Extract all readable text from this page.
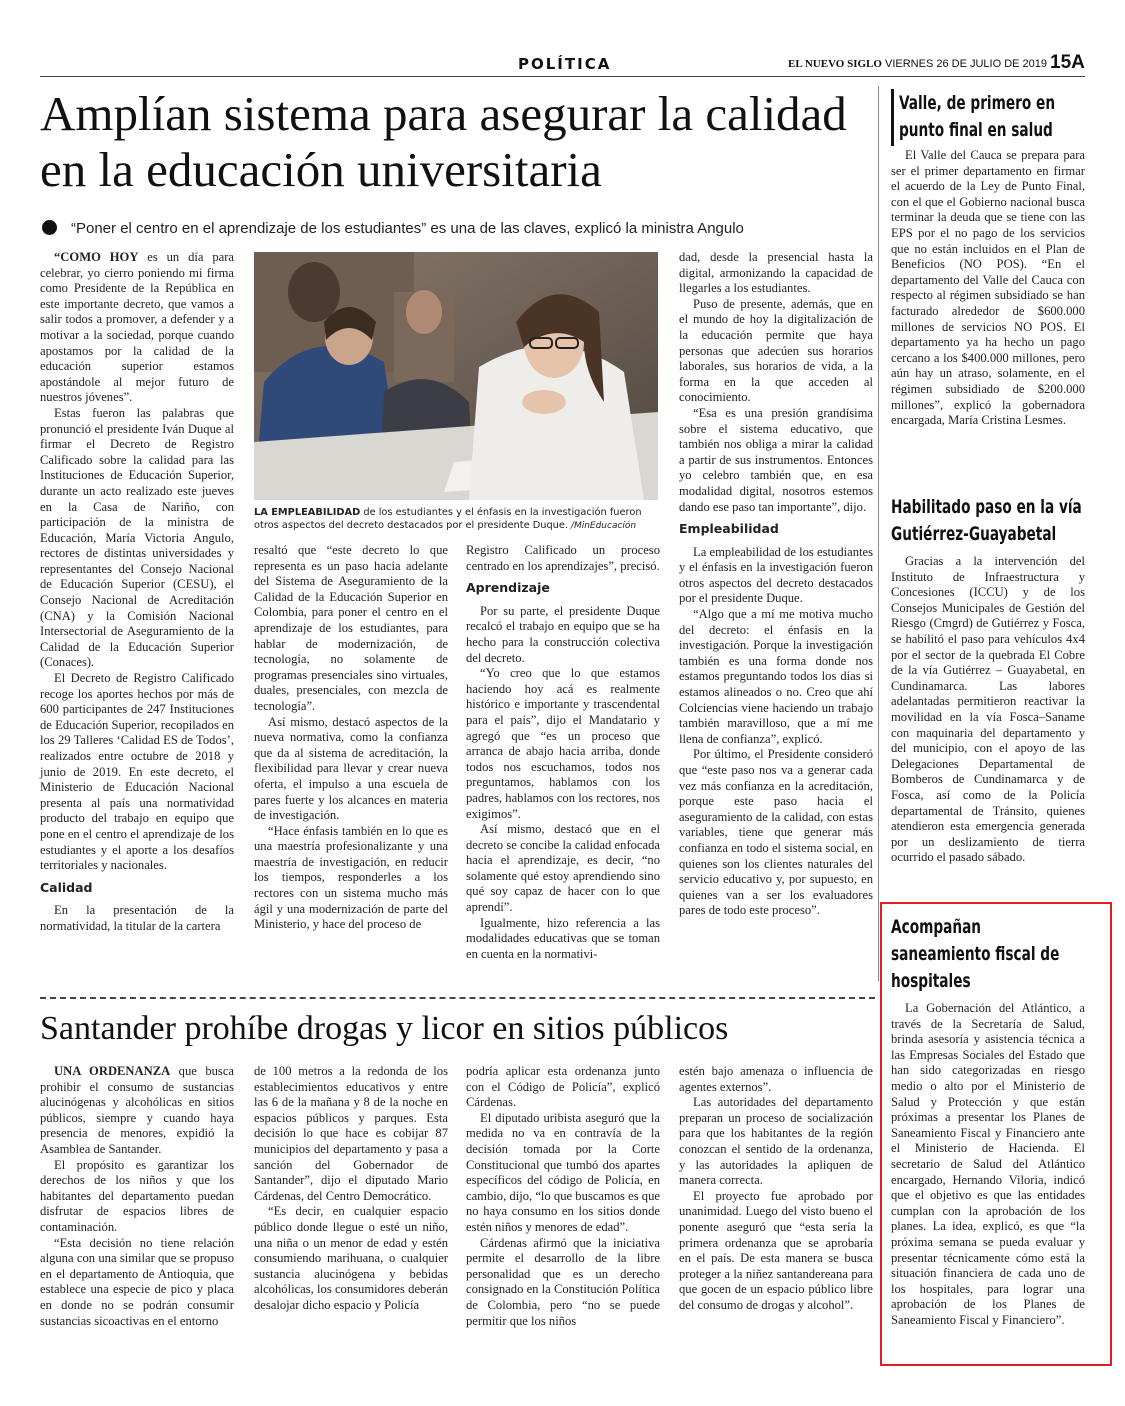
POLÍTICA	EL NUEVO SIGLO VIERNES 26 DE JULIO DE 2019 15A
Amplían sistema para asegurar la calidad en la educación universitaria
“Poner el centro en el aprendizaje de los estudiantes” es una de las claves, explicó la ministra Angulo

“COMO HOY es un día para celebrar, yo cierro poniendo mi firma como Presidente de la República en este importante decreto, que vamos a salir todos a promover, a defender y a motivar a la sociedad, porque cuando apostamos por la calidad de la educación superior estamos apostándole al mejor futuro de nuestros jóvenes”.

Estas fueron las palabras que pronunció el presidente Iván Duque al firmar el Decreto de Registro Calificado sobre la calidad para las Instituciones de Educación Superior, durante un acto realizado este jueves en la Casa de Nariño, con participación de la ministra de Educación, María Victoria Angulo, rectores de distintas universidades y representantes del Consejo Nacional de Educación Superior (CESU), el Consejo Nacional de Acreditación (CNA) y la Comisión Nacional Intersectorial de Aseguramiento de la Calidad de la Educación Superior (Conaces).

El Decreto de Registro Calificado recoge los aportes hechos por más de 600 participantes de 247 Instituciones de Educación Superior, recopilados en los 29 Talleres ‘Calidad ES de Todos’, realizados entre octubre de 2018 y junio de 2019. En este decreto, el Ministerio de Educación Nacional presenta al país una normatividad producto del trabajo en equipo que pone en el centro el aprendizaje de los estudiantes y el aporte a los desafíos territoriales y nacionales.

Calidad

En la presentación de la normatividad, la titular de la cartera

LA EMPLEABILIDAD de los estudiantes y el énfasis en la investigación fueron otros aspectos del decreto destacados por el presidente Duque. /MinEducación

resaltó que “este decreto lo que representa es un paso hacia adelante del Sistema de Aseguramiento de la Calidad de la Educación Superior en Colombia, para poner el centro en el aprendizaje de los estudiantes, para hablar de modernización, de tecnología, no solamente de programas presenciales sino virtuales, duales, presenciales, con mezcla de tecnología”.

Así mismo, destacó aspectos de la nueva normativa, como la confianza que da al sistema de acreditación, la flexibilidad para llevar y crear nueva oferta, el impulso a una escuela de pares fuerte y los alcances en materia de investigación.

“Hace énfasis también en lo que es una maestría profesionalizante y una maestría de investigación, en reducir los tiempos, responderles a los rectores con un sistema mucho más ágil y una modernización de parte del Ministerio, y hace del proceso de

Registro Calificado un proceso centrado en los aprendizajes”, precisó.

Aprendizaje

Por su parte, el presidente Duque recalcó el trabajo en equipo que se ha hecho para la construcción colectiva del decreto.

“Yo creo que lo que estamos haciendo hoy acá es realmente histórico e importante y trascendental para el país”, dijo el Mandatario y agregó que “es un proceso que arranca de abajo hacia arriba, donde todos nos escuchamos, todos nos preguntamos, hablamos con los padres, hablamos con los rectores, nos exigimos”.

Así mismo, destacó que en el decreto se concibe la calidad enfocada hacia el aprendizaje, es decir, “no solamente qué estoy aprendiendo sino qué soy capaz de hacer con lo que aprendí”.

Igualmente, hizo referencia a las modalidades educativas que se toman en cuenta en la normativi-

dad, desde la presencial hasta la digital, armonizando la capacidad de llegarles a los estudiantes.

Puso de presente, además, que en el mundo de hoy la digitalización de la educación permite que haya personas que adecúen sus horarios laborales, sus horarios de vida, a la forma en la que acceden al conocimiento.

“Esa es una presión grandísima sobre el sistema educativo, que también nos obliga a mirar la calidad a partir de sus instrumentos. Entonces yo celebro también que, en esa modalidad digital, nosotros estemos dando ese paso tan importante”, dijo.

Empleabilidad

La empleabilidad de los estudiantes y el énfasis en la investigación fueron otros aspectos del decreto destacados por el presidente Duque.

“Algo que a mí me motiva mucho del decreto: el énfasis en la investigación. Porque la investigación también es una forma donde nos estamos preguntando todos los días si estamos alineados o no. Creo que ahí Colciencias viene haciendo un trabajo también maravilloso, que a mí me llena de confianza”, explicó.

Por último, el Presidente consideró que “este paso nos va a generar cada vez más confianza en la acreditación, porque este paso hacia el aseguramiento de la calidad, con estas variables, tiene que generar más confianza en todo el sistema social, en quienes son los clientes naturales del servicio educativo y, por supuesto, en quienes van a ser los evaluadores pares de todo este proceso”.

Santander prohíbe drogas y licor en sitios públicos

UNA ORDENANZA que busca prohibir el consumo de sustancias alucinógenas y alcohólicas en sitios públicos, siempre y cuando haya presencia de menores, expidió la Asamblea de Santander.

El propósito es garantizar los derechos de los niños y que los habitantes del departamento puedan disfrutar de espacios libres de contaminación.

“Esta decisión no tiene relación alguna con una similar que se propuso en el departamento de Antioquia, que establece una especie de pico y placa en donde no se podrán consumir sustancias sicoactivas en el entorno

de 100 metros a la redonda de los establecimientos educativos y entre las 6 de la mañana y 8 de la noche en espacios públicos y parques. Esta decisión lo que hace es cobijar 87 municipios del departamento y pasa a sanción del Gobernador de Santander”, dijo el diputado Mario Cárdenas, del Centro Democrático.

“Es decir, en cualquier espacio público donde llegue o esté un niño, una niña o un menor de edad y estén consumiendo marihuana, o cualquier sustancia alucinógena y bebidas alcohólicas, los consumidores deberán desalojar dicho espacio y Policía

podría aplicar esta ordenanza junto con el Código de Policía”, explicó Cárdenas.

El diputado uribista aseguró que la medida no va en contravía de la decisión tomada por la Corte Constitucional que tumbó dos apartes específicos del código de Policía, en cambio, dijo, “lo que buscamos es que no haya consumo en los sitios donde estén niños y menores de edad”.

Cárdenas afirmó que la iniciativa permite el desarrollo de la libre personalidad que es un derecho consignado en la Constitución Política de Colombia, pero “no se puede permitir que los niños

estén bajo amenaza o influencia de agentes externos”.

Las autoridades del departamento preparan un proceso de socialización para que los habitantes de la región conozcan el sentido de la ordenanza, y las autoridades la apliquen de manera correcta.

El proyecto fue aprobado por unanimidad. Luego del visto bueno el ponente aseguró que “esta sería la primera ordenanza que se aprobaría en el país. De esta manera se busca proteger a la niñez santandereana para que gocen de un espacio público libre del consumo de drogas y alcohol”.

Valle, de primero en punto final en salud

El Valle del Cauca se prepara para ser el primer departamento en firmar el acuerdo de la Ley de Punto Final, con el que el Gobierno nacional busca terminar la deuda que se tiene con las EPS por el no pago de los servicios que no están incluidos en el Plan de Beneficios (NO POS). “En el departamento del Valle del Cauca con respecto al régimen subsidiado se han facturado alrededor de $600.000 millones de servicios NO POS. El departamento ya ha hecho un pago cercano a los $400.000 millones, pero aún hay un atraso, solamente, en el régimen subsidiado de $200.000 millones”, explicó la gobernadora encargada, María Cristina Lesmes.

Habilitado paso en la vía Gutiérrez-Guayabetal

Gracias a la intervención del Instituto de Infraestructura y Concesiones (ICCU) y de los Consejos Municipales de Gestión del Riesgo (Cmgrd) de Gutiérrez y Fosca, se habilitó el paso para vehículos 4x4 por el sector de la quebrada El Cobre de la vía Gutiérrez – Guayabetal, en Cundinamarca. Las labores adelantadas permitieron reactivar la movilidad en la vía Fosca–Saname con maquinaria del departamento y del municipio, con el apoyo de las Delegaciones Departamental de Bomberos de Cundinamarca y de Fosca, así como de la Policía departamental de Tránsito, quienes atendieron esta emergencia generada por un deslizamiento de tierra ocurrido el pasado sábado.

Acompañan saneamiento fiscal de hospitales

La Gobernación del Atlántico, a través de la Secretaría de Salud, brinda asesoría y asistencia técnica a las Empresas Sociales del Estado que han sido categorizadas en riesgo medio o alto por el Ministerio de Salud y Protección y que están próximas a presentar los Planes de Saneamiento Fiscal y Financiero ante el Ministerio de Hacienda. El secretario de Salud del Atlántico encargado, Hernando Viloria, indicó que el objetivo es que las entidades cumplan con la aprobación de los planes. La idea, explicó, es que “la próxima semana se pueda evaluar y presentar técnicamente cómo está la situación financiera de cada uno de los hospitales, para lograr una aprobación de los Planes de Saneamiento Fiscal y Financiero”.
